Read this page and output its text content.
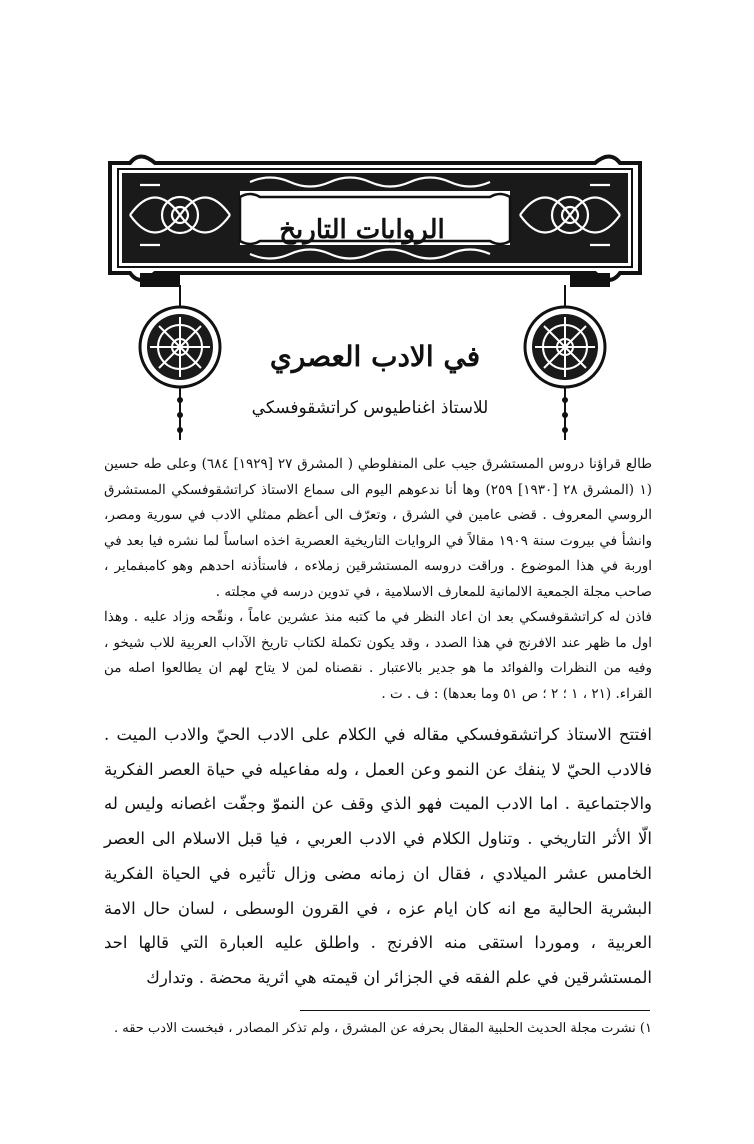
الروايات التاريخ
في الادب العصري
للاستاذ اغناطيوس كراتشقوفسكي

طالع قراؤنا دروس المستشرق جيب على المنفلوطي ( المشرق ٢٧ [١٩٢٩] ٦٨٤) وعلى طه حسين (١ (المشرق ٢٨ [١٩٣٠] ٢٥٩) وها أنا ندعوهم اليوم الى سماع الاستاذ كراتشقوفسكي المستشرق الروسي المعروف . قضى عامين في الشرق ، وتعرّف الى أعظم ممثلي الادب في سورية ومصر، وانشأ في بيروت سنة ١٩٠٩ مقالاً في الروايات التاريخية العصرية اخذه اساساً لما نشره فيا بعد في اوربة في هذا الموضوع . وراقت دروسه المستشرقين زملاءه ، فاستأذنه احدهم وهو كامبفماير ، صاحب مجلة الجمعية الالمانية للمعارف الاسلامية ، في تدوين درسه في مجلته .

فاذن له كراتشقوفسكي بعد ان اعاد النظر في ما كتبه منذ عشرين عاماً ، ونقّحه وزاد عليه . وهذا اول ما ظهر عند الافرنج في هذا الصدد ، وقد يكون تكملة لكتاب تاريخ الآداب العربية للاب شيخو ، وفيه من النظرات والفوائد ما هو جدير بالاعتبار . نقصناه لمن لا يتاح لهم ان يطالعوا اصله من القراء. (٢١ ، ١ ؛ ٢ ؛ ص ٥١ وما بعدها) : ف . ت .

افتتح الاستاذ كراتشقوفسكي مقاله في الكلام على الادب الحيّ والادب الميت . فالادب الحيّ لا ينفك عن النمو وعن العمل ، وله مفاعيله في حياة العصر الفكرية والاجتماعية . اما الادب الميت فهو الذي وقف عن النموّ وجفّت اغصانه وليس له الّا الأثر التاريخي . وتناول الكلام في الادب العربي ، فيا قبل الاسلام الى العصر الخامس عشر الميلادي ، فقال ان زمانه مضى وزال تأثيره في الحياة الفكرية البشرية الحالية مع انه كان ايام عزه ، في القرون الوسطى ، لسان حال الامة العربية ، وموردا استقى منه الافرنج . واطلق عليه العبارة التي قالها احد المستشرقين في علم الفقه في الجزائر ان قيمته هي اثرية محضة . وتدارك

١) نشرت مجلة الحديث الحلبية المقال بحرفه عن المشرق ، ولم تذكر المصادر ، فبخست الادب حقه .
